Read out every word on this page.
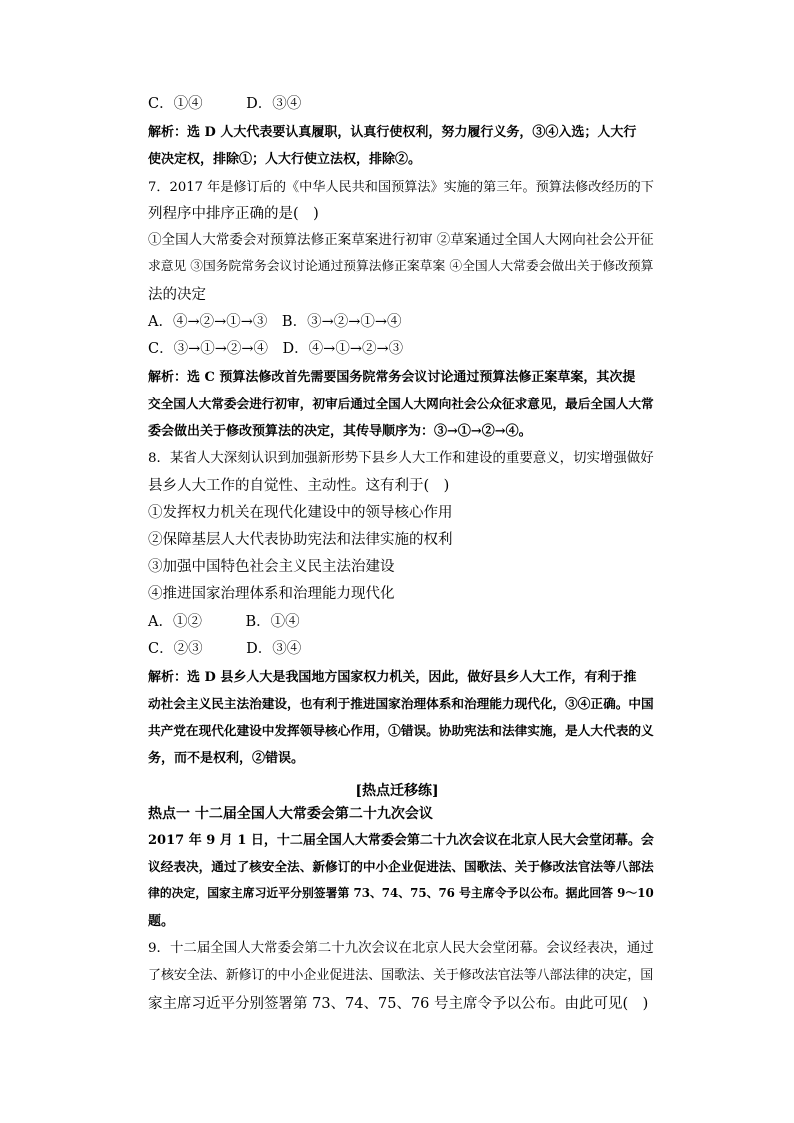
C．①④　　　D．③④
解析：选 D 人大代表要认真履职，认真行使权利，努力履行义务，③④入选；人大行
使决定权，排除①；人大行使立法权，排除②。
7．2017 年是修订后的《中华人民共和国预算法》实施的第三年。预算法修改经历的下
列程序中排序正确的是(　)
①全国人大常委会对预算法修正案草案进行初审 ②草案通过全国人大网向社会公开征
求意见 ③国务院常务会议讨论通过预算法修正案草案 ④全国人大常委会做出关于修改预算
法的决定
A．④→②→①→③　B．③→②→①→④
C．③→①→②→④　D．④→①→②→③
解析：选 C 预算法修改首先需要国务院常务会议讨论通过预算法修正案草案，其次提
交全国人大常委会进行初审，初审后通过全国人大网向社会公众征求意见，最后全国人大常
委会做出关于修改预算法的决定，其传导顺序为：③→①→②→④。
8．某省人大深刻认识到加强新形势下县乡人大工作和建设的重要意义，切实增强做好
县乡人大工作的自觉性、主动性。这有利于(　)
①发挥权力机关在现代化建设中的领导核心作用
②保障基层人大代表协助宪法和法律实施的权利
③加强中国特色社会主义民主法治建设
④推进国家治理体系和治理能力现代化
A．①②　　　B．①④
C．②③　　　D．③④
解析：选 D 县乡人大是我国地方国家权力机关，因此，做好县乡人大工作，有利于推
动社会主义民主法治建设，也有利于推进国家治理体系和治理能力现代化，③④正确。中国
共产党在现代化建设中发挥领导核心作用，①错误。协助宪法和法律实施，是人大代表的义
务，而不是权利，②错误。
[热点迁移练]
热点一 十二届全国人大常委会第二十九次会议
2017 年 9 月 1 日，十二届全国人大常委会第二十九次会议在北京人民大会堂闭幕。会
议经表决，通过了核安全法、新修订的中小企业促进法、国歌法、关于修改法官法等八部法
律的决定，国家主席习近平分别签署第 73、74、75、76 号主席令予以公布。据此回答 9～10
题。
9．十二届全国人大常委会第二十九次会议在北京人民大会堂闭幕。会议经表决，通过
了核安全法、新修订的中小企业促进法、国歌法、关于修改法官法等八部法律的决定，国
家主席习近平分别签署第 73、74、75、76 号主席令予以公布。由此可见(　)
